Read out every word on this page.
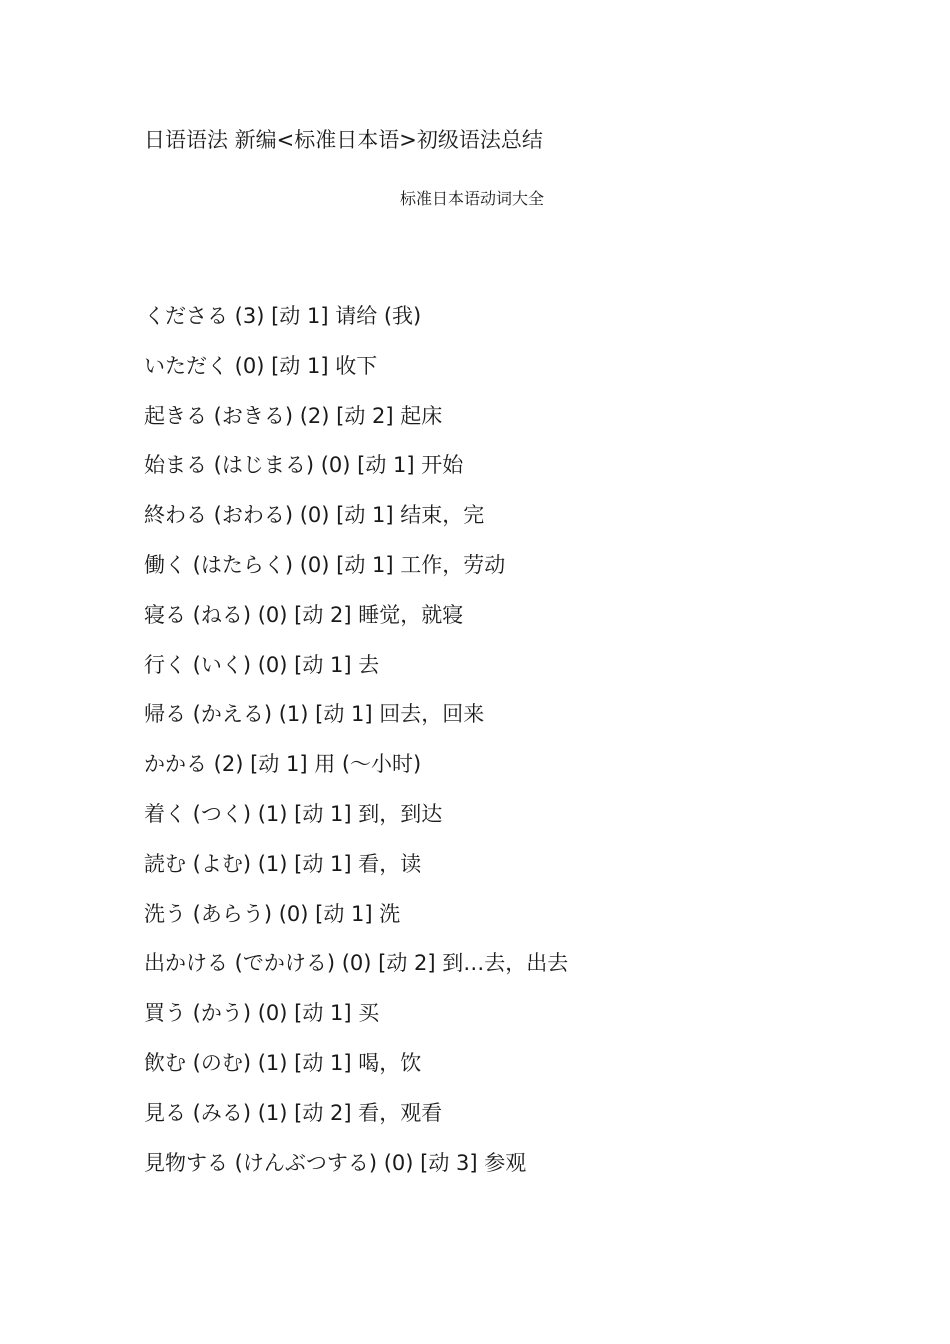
日语语法 新编<标准日本语>初级语法总结
标准日本语动词大全
くださる (3) [动 1] 请给 (我)
いただく (0) [动 1] 收下
起きる (おきる) (2) [动 2] 起床
始まる (はじまる) (0) [动 1] 开始
終わる (おわる) (0) [动 1] 结束，完
働く (はたらく) (0) [动 1] 工作，劳动
寝る (ねる) (0) [动 2] 睡觉，就寝
行く (いく) (0) [动 1] 去
帰る (かえる) (1) [动 1] 回去，回来
かかる (2) [动 1] 用 (～小时)
着く (つく) (1) [动 1] 到，到达
読む (よむ) (1) [动 1] 看，读
洗う (あらう) (0) [动 1] 洗
出かける (でかける) (0) [动 2] 到…去，出去
買う (かう) (0) [动 1] 买
飲む (のむ) (1) [动 1] 喝，饮
見る (みる) (1) [动 2] 看，观看
見物する (けんぶつする) (0) [动 3] 参观
